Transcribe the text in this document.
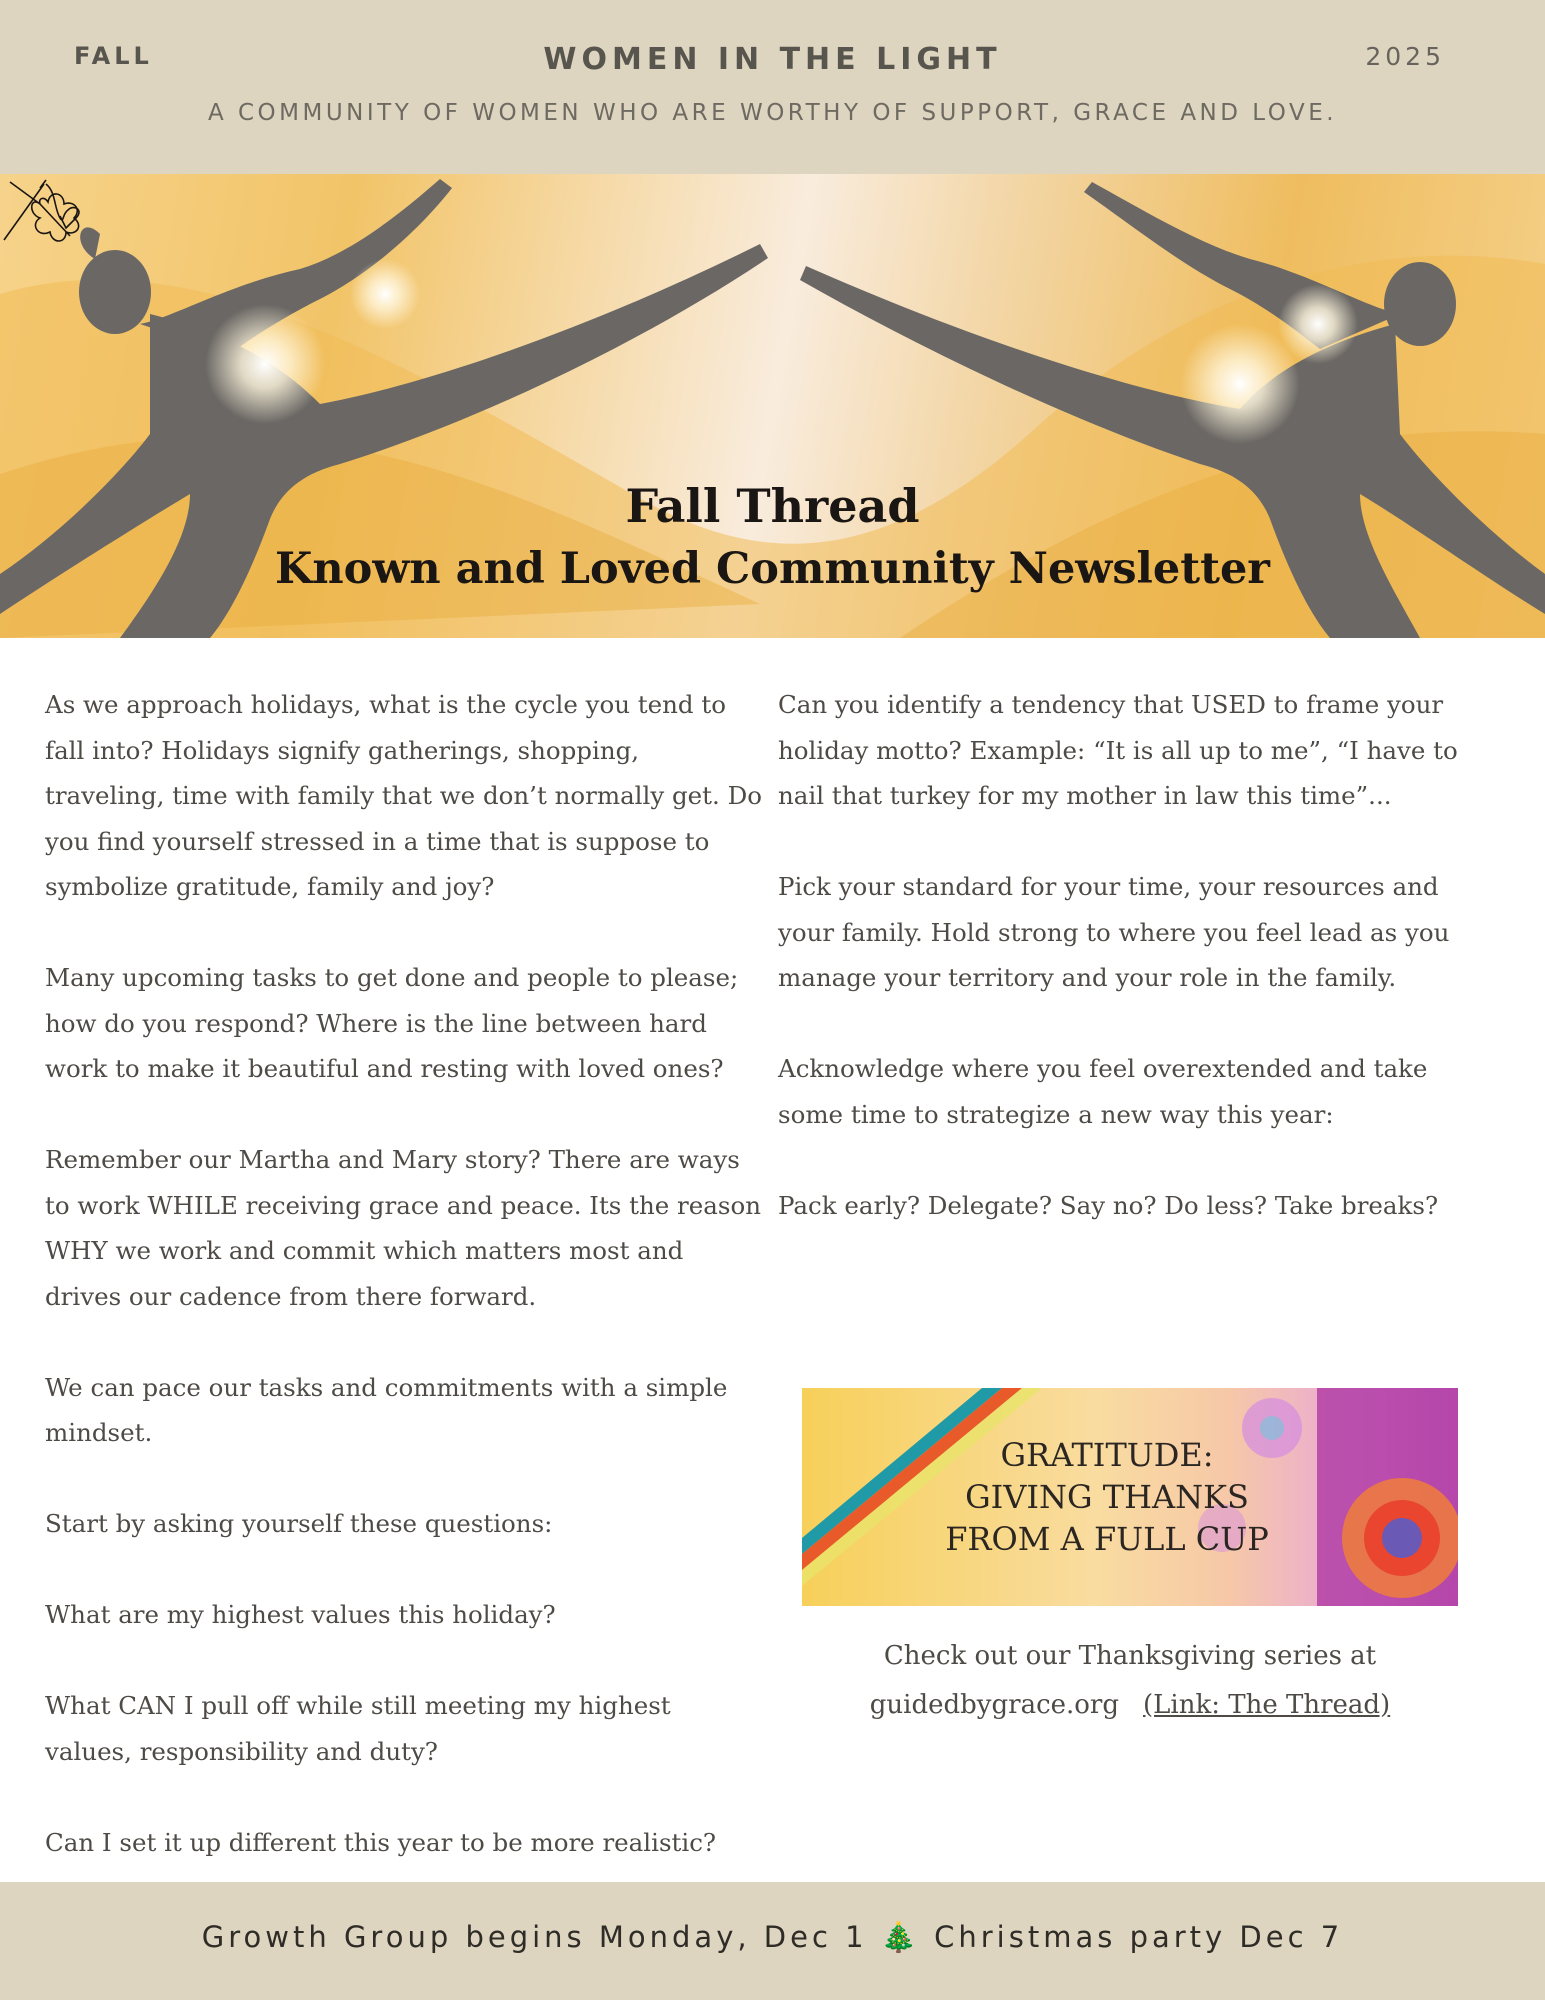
FALL	WOMEN IN THE LIGHT	2025
A COMMUNITY OF WOMEN WHO ARE WORTHY OF SUPPORT, GRACE AND LOVE.
Fall Thread
Known and Loved Community Newsletter

As we approach holidays, what is the cycle you tend to fall into? Holidays signify gatherings, shopping, traveling, time with family that we don’t normally get. Do you find yourself stressed in a time that is suppose to symbolize gratitude, family and joy?

Many upcoming tasks to get done and people to please; how do you respond? Where is the line between hard work to make it beautiful and resting with loved ones?

Remember our Martha and Mary story? There are ways to work WHILE receiving grace and peace. Its the reason WHY we work and commit which matters most and drives our cadence from there forward.

We can pace our tasks and commitments with a simple mindset.

Start by asking yourself these questions:

What are my highest values this holiday?

What CAN I pull off while still meeting my highest values, responsibility and duty?

Can I set it up different this year to be more realistic?

Can you identify a tendency that USED to frame your holiday motto? Example: “It is all up to me”, “I have to nail that turkey for my mother in law this time”...

Pick your standard for your time, your resources and your family. Hold strong to where you feel lead as you manage your territory and your role in the family.

Acknowledge where you feel overextended and take some time to strategize a new way this year:

Pack early? Delegate? Say no? Do less? Take breaks?

GRATITUDE:
GIVING THANKS
FROM A FULL CUP
Check out our Thanksgiving series at
guidedbygrace.org (Link: The Thread)
Growth Group begins Monday, Dec 1 🎄 Christmas party Dec 7
